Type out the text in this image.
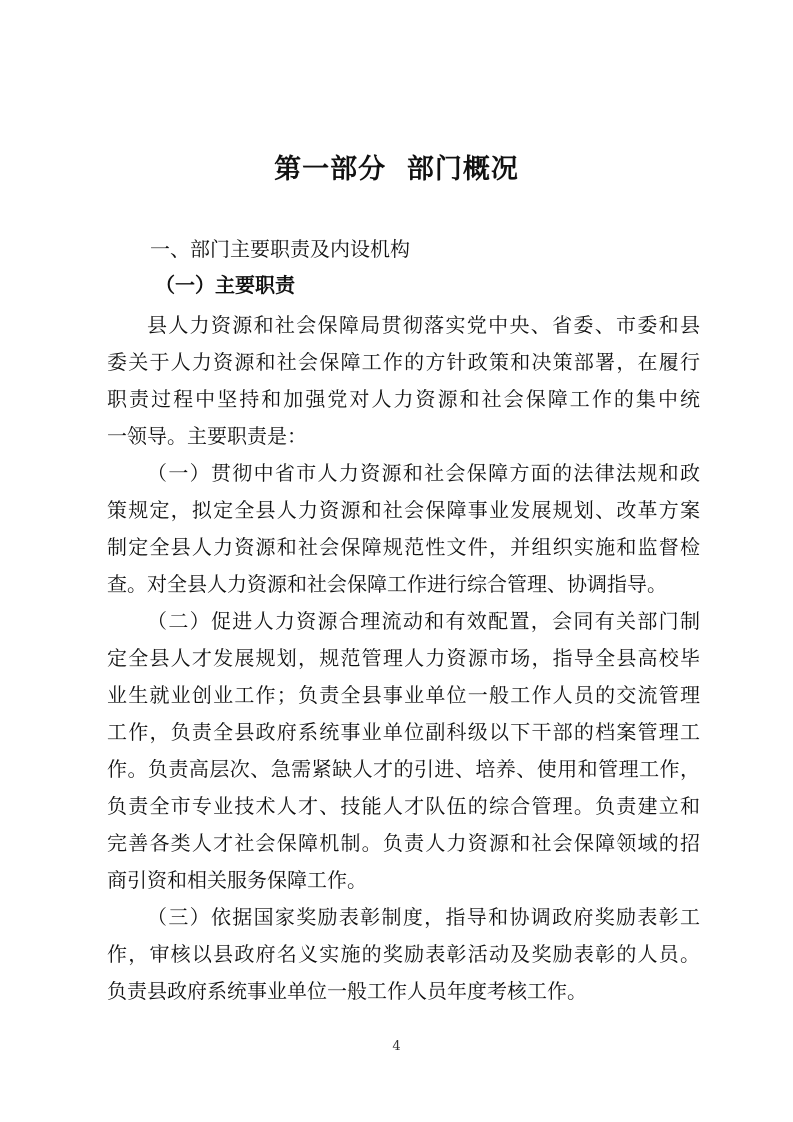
第一部分  部门概况
一、部门主要职责及内设机构
（一）主要职责
县人力资源和社会保障局贯彻落实党中央、省委、市委和县
委关于人力资源和社会保障工作的方针政策和决策部署，在履行
职责过程中坚持和加强党对人力资源和社会保障工作的集中统
一领导。主要职责是：
（一）贯彻中省市人力资源和社会保障方面的法律法规和政
策规定，拟定全县人力资源和社会保障事业发展规划、改革方案
制定全县人力资源和社会保障规范性文件，并组织实施和监督检
查。对全县人力资源和社会保障工作进行综合管理、协调指导。
（二）促进人力资源合理流动和有效配置，会同有关部门制
定全县人才发展规划，规范管理人力资源市场，指导全县高校毕
业生就业创业工作；负责全县事业单位一般工作人员的交流管理
工作，负责全县政府系统事业单位副科级以下干部的档案管理工
作。负责高层次、急需紧缺人才的引进、培养、使用和管理工作，
负责全市专业技术人才、技能人才队伍的综合管理。负责建立和
完善各类人才社会保障机制。负责人力资源和社会保障领域的招
商引资和相关服务保障工作。
（三）依据国家奖励表彰制度，指导和协调政府奖励表彰工
作，审核以县政府名义实施的奖励表彰活动及奖励表彰的人员。
负责县政府系统事业单位一般工作人员年度考核工作。
4
